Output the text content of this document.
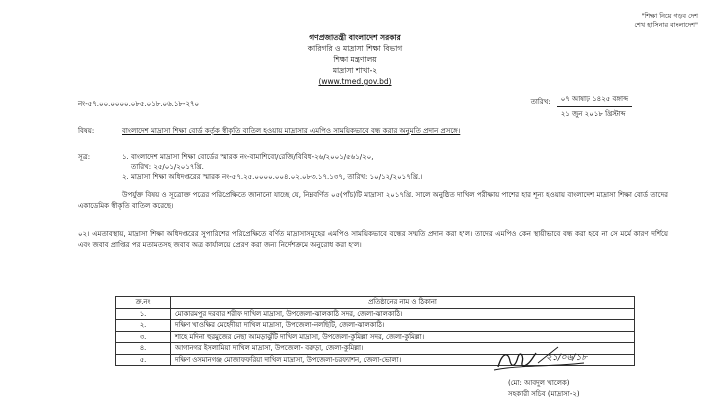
"শিক্ষা নিয়ে গড়ব দেশ
শেখ হাসিনার বাংলাদেশ"
গণপ্রজাতন্ত্রী বাংলাদেশ সরকার
কারিগরি ও মাদ্রাসা শিক্ষা বিভাগ
শিক্ষা মন্ত্রণালয়
মাদ্রাসা শাখা-২
(www.tmed.gov.bd)
নং-৫৭.০০.০০০০.০৮৫.০১৮.০৬.১৮-২৭০	তারিখ:	০৭ আষাঢ় ১৪২৫ বঙ্গাব্দ
২১ জুন ২০১৮ খ্রিস্টাব্দ
বিষয়:	বাংলাদেশ মাদ্রাসা শিক্ষা বোর্ড কর্তৃক স্বীকৃতি বাতিল হওয়ায় মাদ্রাসার এমপিও সাময়িকভাবে বন্ধ করার অনুমতি প্রদান প্রসঙ্গে।
সূত্র:	১. বাংলাদেশ মাদ্রাসা শিক্ষা বোর্ডের স্মারক নং-বামাশিবো/রেজি/বিবিধ-২৬/২০০১/৫৬১/২০,
তারিখ: ২৫/০১/২০১৭খ্রি.
২. মাদ্রাসা শিক্ষা অধিদপ্তরের স্মারক নং-৫৭.২৫.০০০০.০০৪.০২.০৮৩.১৭.১৩৭, তারিখ: ১০/১২/২০১৭খ্রি.।
উপর্যুক্ত বিষয় ও সূত্রোক্ত পত্রের পরিপ্রেক্ষিতে জানানো যাচ্ছে যে, নিম্নবর্ণিত ০৫(পাঁচ)টি মাদ্রাসা ২০১৭খ্রি. সালে অনুষ্ঠিত দাখিল পরীক্ষায় পাশের হার শূন্য হওয়ায় বাংলাদেশ মাদ্রাসা শিক্ষা বোর্ড তাদের একাডেমিক স্বীকৃতি বাতিল করেছে।
০২। এমতাবস্থায়, মাদ্রাসা শিক্ষা অধিদপ্তরের সুপারিশের পরিপ্রেক্ষিতে বর্ণিত মাদ্রাসাসমূহের এমপিও সাময়িকভাবে বন্ধের সম্মতি প্রদান করা হ'ল। তাদের এমপিও কেন স্থায়ীভাবে বন্ধ করা হবে না সে মর্মে কারণ দর্শিয়ে এবং জবাব প্রাপ্তির পর মতামতসহ জবাব অত্র কার্যালয়ে প্রেরণ করা জন্য নির্দেশক্রমে অনুরোধ করা হ'ল।
ক্র.নং	প্রতিষ্ঠানের নাম ও ঠিকানা
১.	মোকারমপুর দরবার শরীফ দাখিল মাদ্রাসা, উপজেলা-ঝালকাঠি সদর, জেলা-ঝালকাঠি।
২.	দক্ষিণ খাওক্ষির মেহেদীয়া দাখিল মাদ্রাসা, উপজেলা-নলছিটি, জেলা-ঝালকাঠি।
৩.	শাহে মদিনা হুরমুজের নেছা আমড়াঝুঁটি দাখিল মাদ্রাসা, উপজেলা-কুমিল্লা সদর, জেলা-কুমিল্লা।
৪.	আগানগর ইসলামিয়া দাখিল মাদ্রাসা, উপজেলা- বরুড়া, জেলা-কুমিল্লা।
৫.	দক্ষিণ ওসমানগঞ্জ মোজাফফরিয়া দাখিল মাদ্রাসা, উপজেলা-চরফ্যাশন, জেলা-ভোলা।	২১/০৬/১৮
(মো: আবদুল খালেক)
সহকারী সচিব (মাদ্রাসা-২)
